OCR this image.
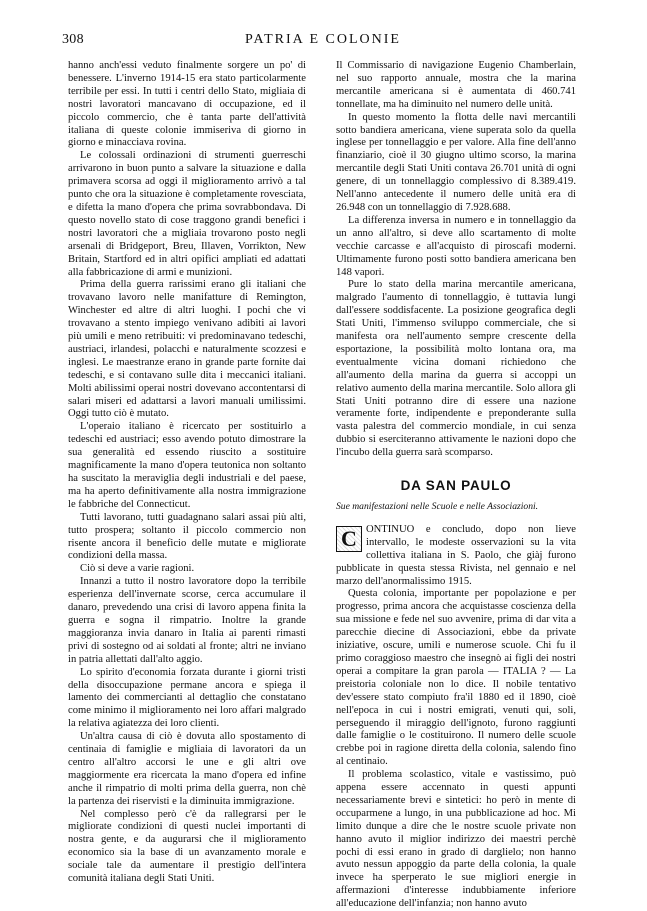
308	PATRIA E COLONIE

hanno anch'essi veduto finalmente sorgere un po' di benessere. L'inverno 1914-15 era stato particolarmente terribile per essi. In tutti i centri dello Stato, migliaia di nostri lavoratori mancavano di occupazione, ed il piccolo commercio, che è tanta parte dell'attività italiana di queste colonie immiseriva di giorno in giorno e minacciava rovina.

Le colossali ordinazioni di strumenti guerreschi arrivarono in buon punto a salvare la situazione e dalla primavera scorsa ad oggi il miglioramento arrivò a tal punto che ora la situazione è completamente rovesciata, e difetta la mano d'opera che prima sovrabbondava. Di questo novello stato di cose traggono grandi benefici i nostri lavoratori che a migliaia trovarono posto negli arsenali di Bridgeport, Breu, Illaven, Vorrikton, New Britain, Startford ed in altri opifici ampliati ed adattati alla fabbricazione di armi e munizioni.

Prima della guerra rarissimi erano gli italiani che trovavano lavoro nelle manifatture di Remington, Winchester ed altre di altri luoghi. I pochi che vi trovavano a stento impiego venivano adibiti ai lavori più umili e meno retribuiti: vi predominavano tedeschi, austriaci, irlandesi, polacchi e naturalmente scozzesi e inglesi. Le maestranze erano in grande parte fornite dai tedeschi, e si contavano sulle dita i meccanici italiani. Molti abilissimi operai nostri dovevano accontentarsi di salari miseri ed adattarsi a lavori manuali umilissimi. Oggi tutto ciò è mutato.

L'operaio italiano è ricercato per sostituirlo a tedeschi ed austriaci; esso avendo potuto dimostrare la sua generalità ed essendo riuscito a sostituire magnificamente la mano d'opera teutonica non soltanto ha suscitato la meraviglia degli industriali e del paese, ma ha aperto definitivamente alla nostra immigrazione le fabbriche del Connecticut.

Tutti lavorano, tutti guadagnano salari assai più alti, tutto prospera; soltanto il piccolo commercio non risente ancora il beneficio delle mutate e migliorate condizioni della massa.

Ciò si deve a varie ragioni.

Innanzi a tutto il nostro lavoratore dopo la terribile esperienza dell'invernate scorse, cerca accumulare il danaro, prevedendo una crisi di lavoro appena finita la guerra e sogna il rimpatrio. Inoltre la grande maggioranza invia danaro in Italia ai parenti rimasti privi di sostegno od ai soldati al fronte; altri ne inviano in patria allettati dall'alto aggio.

Lo spirito d'economia forzata durante i giorni tristi della disoccupazione permane ancora e spiega il lamento dei commercianti al dettaglio che constatano come minimo il miglioramento nei loro affari malgrado la relativa agiatezza dei loro clienti.

Un'altra causa di ciò è dovuta allo spostamento di centinaia di famiglie e migliaia di lavoratori da un centro all'altro accorsi le une e gli altri ove maggiormente era ricercata la mano d'opera ed infine anche il rimpatrio di molti prima della guerra, non chè la partenza dei riservisti e la diminuita immigrazione.

Nel complesso però c'è da rallegrarsi per le migliorate condizioni di questi nuclei importanti di nostra gente, e da augurarsi che il miglioramento economico sia la base di un avanzamento morale e sociale tale da aumentare il prestigio dell'intera comunità italiana degli Stati Uniti.

Il Commissario di navigazione Eugenio Chamberlain, nel suo rapporto annuale, mostra che la marina mercantile americana si è aumentata di 460.741 tonnellate, ma ha diminuito nel numero delle unità.

In questo momento la flotta delle navi mercantili sotto bandiera americana, viene superata solo da quella inglese per tonnellaggio e per valore. Alla fine dell'anno finanziario, cioè il 30 giugno ultimo scorso, la marina mercantile degli Stati Uniti contava 26.701 unità di ogni genere, di un tonnellaggio complessivo di 8.389.419. Nell'anno antecedente il numero delle unità era di 26.948 con un tonnellaggio di 7.928.688.

La differenza inversa in numero e in tonnellaggio da un anno all'altro, si deve allo scartamento di molte vecchie carcasse e all'acquisto di piroscafi moderni. Ultimamente furono posti sotto bandiera americana ben 148 vapori.

Pure lo stato della marina mercantile americana, malgrado l'aumento di tonnellaggio, è tuttavia lungi dall'essere soddisfacente. La posizione geografica degli Stati Uniti, l'immenso sviluppo commerciale, che si manifesta ora nell'aumento sempre crescente della esportazione, la possibilità molto lontana ora, ma eventualmente vicina domani richiedono che all'aumento della marina da guerra si accoppi un relativo aumento della marina mercantile. Solo allora gli Stati Uniti potranno dire di essere una nazione veramente forte, indipendente e preponderante sulla vasta palestra del commercio mondiale, in cui senza dubbio si eserciteranno attivamente le nazioni dopo che l'incubo della guerra sarà scomparso.

DA SAN PAULO
Sue manifestazioni nelle Scuole e nelle Associazioni.

C ONTINUO e concludo, dopo non lieve intervallo, le modeste osservazioni su la vita collettiva italiana in S. Paolo, che giàj furono pubblicate in questa stessa Rivista, nel gennaio e nel marzo dell'anormalissimo 1915.

Questa colonia, importante per popolazione e per progresso, prima ancora che acquistasse coscienza della sua missione e fede nel suo avvenire, prima di dar vita a parecchie diecine di Associazioni, ebbe da private iniziative, oscure, umili e numerose scuole. Chi fu il primo coraggioso maestro che insegnò ai figli dei nostri operai a compitare la gran parola — ITALIA ? — La preistoria coloniale non lo dice. Il nobile tentativo dev'essere stato compiuto fra'il 1880 ed il 1890, cioè nell'epoca in cui i nostri emigrati, venuti qui, soli, perseguendo il miraggio dell'ignoto, furono raggiunti dalle famiglie o le costituirono. Il numero delle scuole crebbe poi in ragione diretta della colonia, salendo fino al centinaio.

Il problema scolastico, vitale e vastissimo, può appena essere accennato in questi appunti necessariamente brevi e sintetici: ho però in mente di occuparmene a lungo, in una pubblicazione ad hoc. Mi limito dunque a dire che le nostre scuole private non hanno avuto il miglior indirizzo dei maestri perchè pochi di essi erano in grado di darglielo; non hanno avuto nessun appoggio da parte della colonia, la quale invece ha sperperato le sue migliori energie in affermazioni d'interesse indubbiamente inferiore all'educazione dell'infanzia; non hanno avuto
